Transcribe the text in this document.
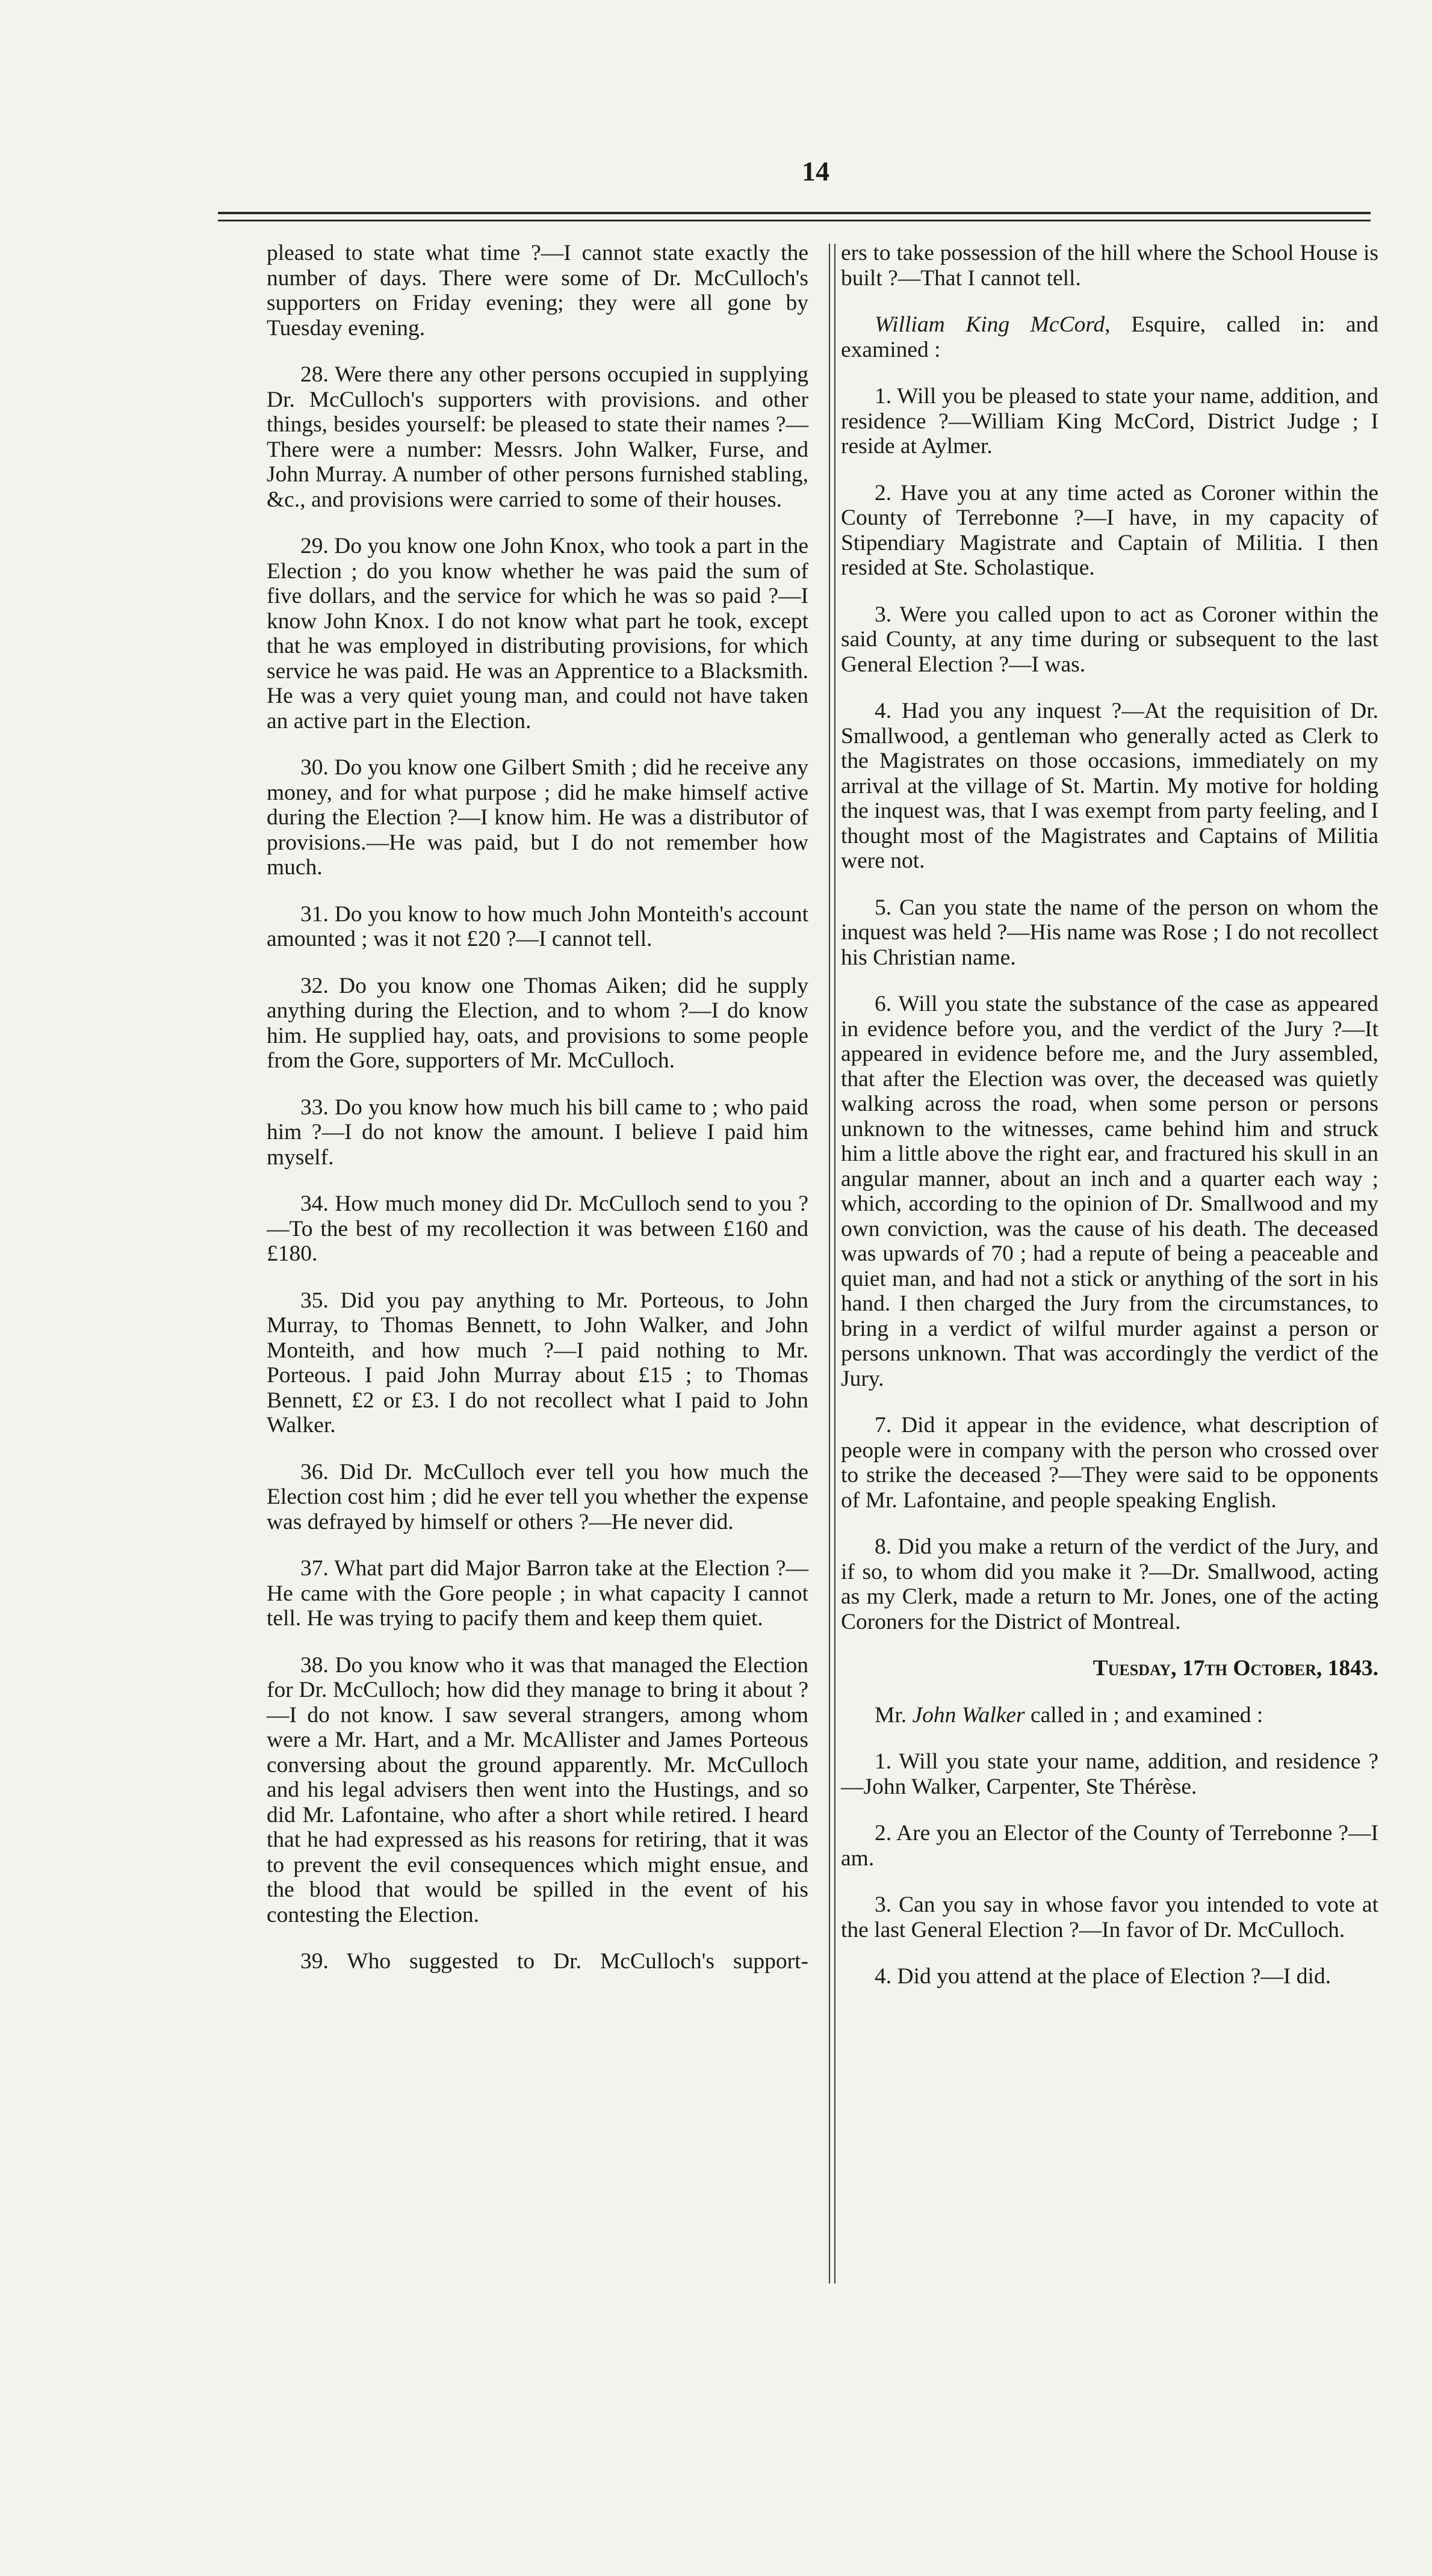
14

pleased to state what time ?—I cannot state exactly the number of days. There were some of Dr. McCulloch's supporters on Friday evening; they were all gone by Tuesday evening.

28. Were there any other persons occupied in supplying Dr. McCulloch's supporters with provisions. and other things, besides yourself: be pleased to state their names ?—There were a number: Messrs. John Walker, Furse, and John Murray. A number of other persons furnished stabling, &c., and provisions were carried to some of their houses.

29. Do you know one John Knox, who took a part in the Election ; do you know whether he was paid the sum of five dollars, and the service for which he was so paid ?—I know John Knox. I do not know what part he took, except that he was employed in distributing provisions, for which service he was paid. He was an Apprentice to a Blacksmith. He was a very quiet young man, and could not have taken an active part in the Election.

30. Do you know one Gilbert Smith ; did he receive any money, and for what purpose ; did he make himself active during the Election ?—I know him. He was a distributor of provisions.—He was paid, but I do not remember how much.

31. Do you know to how much John Monteith's account amounted ; was it not £20 ?—I cannot tell.

32. Do you know one Thomas Aiken; did he supply anything during the Election, and to whom ?—I do know him. He supplied hay, oats, and provisions to some people from the Gore, supporters of Mr. McCulloch.

33. Do you know how much his bill came to ; who paid him ?—I do not know the amount. I believe I paid him myself.

34. How much money did Dr. McCulloch send to you ?—To the best of my recollection it was between £160 and £180.

35. Did you pay anything to Mr. Porteous, to John Murray, to Thomas Bennett, to John Walker, and John Monteith, and how much ?—I paid nothing to Mr. Porteous. I paid John Murray about £15 ; to Thomas Bennett, £2 or £3. I do not recollect what I paid to John Walker.

36. Did Dr. McCulloch ever tell you how much the Election cost him ; did he ever tell you whether the expense was defrayed by himself or others ?—He never did.

37. What part did Major Barron take at the Election ?—He came with the Gore people ; in what capacity I cannot tell. He was trying to pacify them and keep them quiet.

38. Do you know who it was that managed the Election for Dr. McCulloch; how did they manage to bring it about ?—I do not know. I saw several strangers, among whom were a Mr. Hart, and a Mr. McAllister and James Porteous conversing about the ground apparently. Mr. McCulloch and his legal advisers then went into the Hustings, and so did Mr. Lafontaine, who after a short while retired. I heard that he had expressed as his reasons for retiring, that it was to prevent the evil consequences which might ensue, and the blood that would be spilled in the event of his contesting the Election.

39. Who suggested to Dr. McCulloch's support-

ers to take possession of the hill where the School House is built ?—That I cannot tell.

William King McCord, Esquire, called in: and examined :

1. Will you be pleased to state your name, addition, and residence ?—William King McCord, District Judge ; I reside at Aylmer.

2. Have you at any time acted as Coroner within the County of Terrebonne ?—I have, in my capacity of Stipendiary Magistrate and Captain of Militia. I then resided at Ste. Scholastique.

3. Were you called upon to act as Coroner within the said County, at any time during or subsequent to the last General Election ?—I was.

4. Had you any inquest ?—At the requisition of Dr. Smallwood, a gentleman who generally acted as Clerk to the Magistrates on those occasions, immediately on my arrival at the village of St. Martin. My motive for holding the inquest was, that I was exempt from party feeling, and I thought most of the Magistrates and Captains of Militia were not.

5. Can you state the name of the person on whom the inquest was held ?—His name was Rose ; I do not recollect his Christian name.

6. Will you state the substance of the case as appeared in evidence before you, and the verdict of the Jury ?—It appeared in evidence before me, and the Jury assembled, that after the Election was over, the deceased was quietly walking across the road, when some person or persons unknown to the witnesses, came behind him and struck him a little above the right ear, and fractured his skull in an angular manner, about an inch and a quarter each way ; which, according to the opinion of Dr. Smallwood and my own conviction, was the cause of his death. The deceased was upwards of 70 ; had a repute of being a peaceable and quiet man, and had not a stick or anything of the sort in his hand. I then charged the Jury from the circumstances, to bring in a verdict of wilful murder against a person or persons unknown. That was accordingly the verdict of the Jury.

7. Did it appear in the evidence, what description of people were in company with the person who crossed over to strike the deceased ?—They were said to be opponents of Mr. Lafontaine, and people speaking English.

8. Did you make a return of the verdict of the Jury, and if so, to whom did you make it ?—Dr. Smallwood, acting as my Clerk, made a return to Mr. Jones, one of the acting Coroners for the District of Montreal.

Tuesday, 17th October, 1843.

Mr. John Walker called in ; and examined :

1. Will you state your name, addition, and residence ?—John Walker, Carpenter, Ste Thérèse.

2. Are you an Elector of the County of Terrebonne ?—I am.

3. Can you say in whose favor you intended to vote at the last General Election ?—In favor of Dr. McCulloch.

4. Did you attend at the place of Election ?—I did.
